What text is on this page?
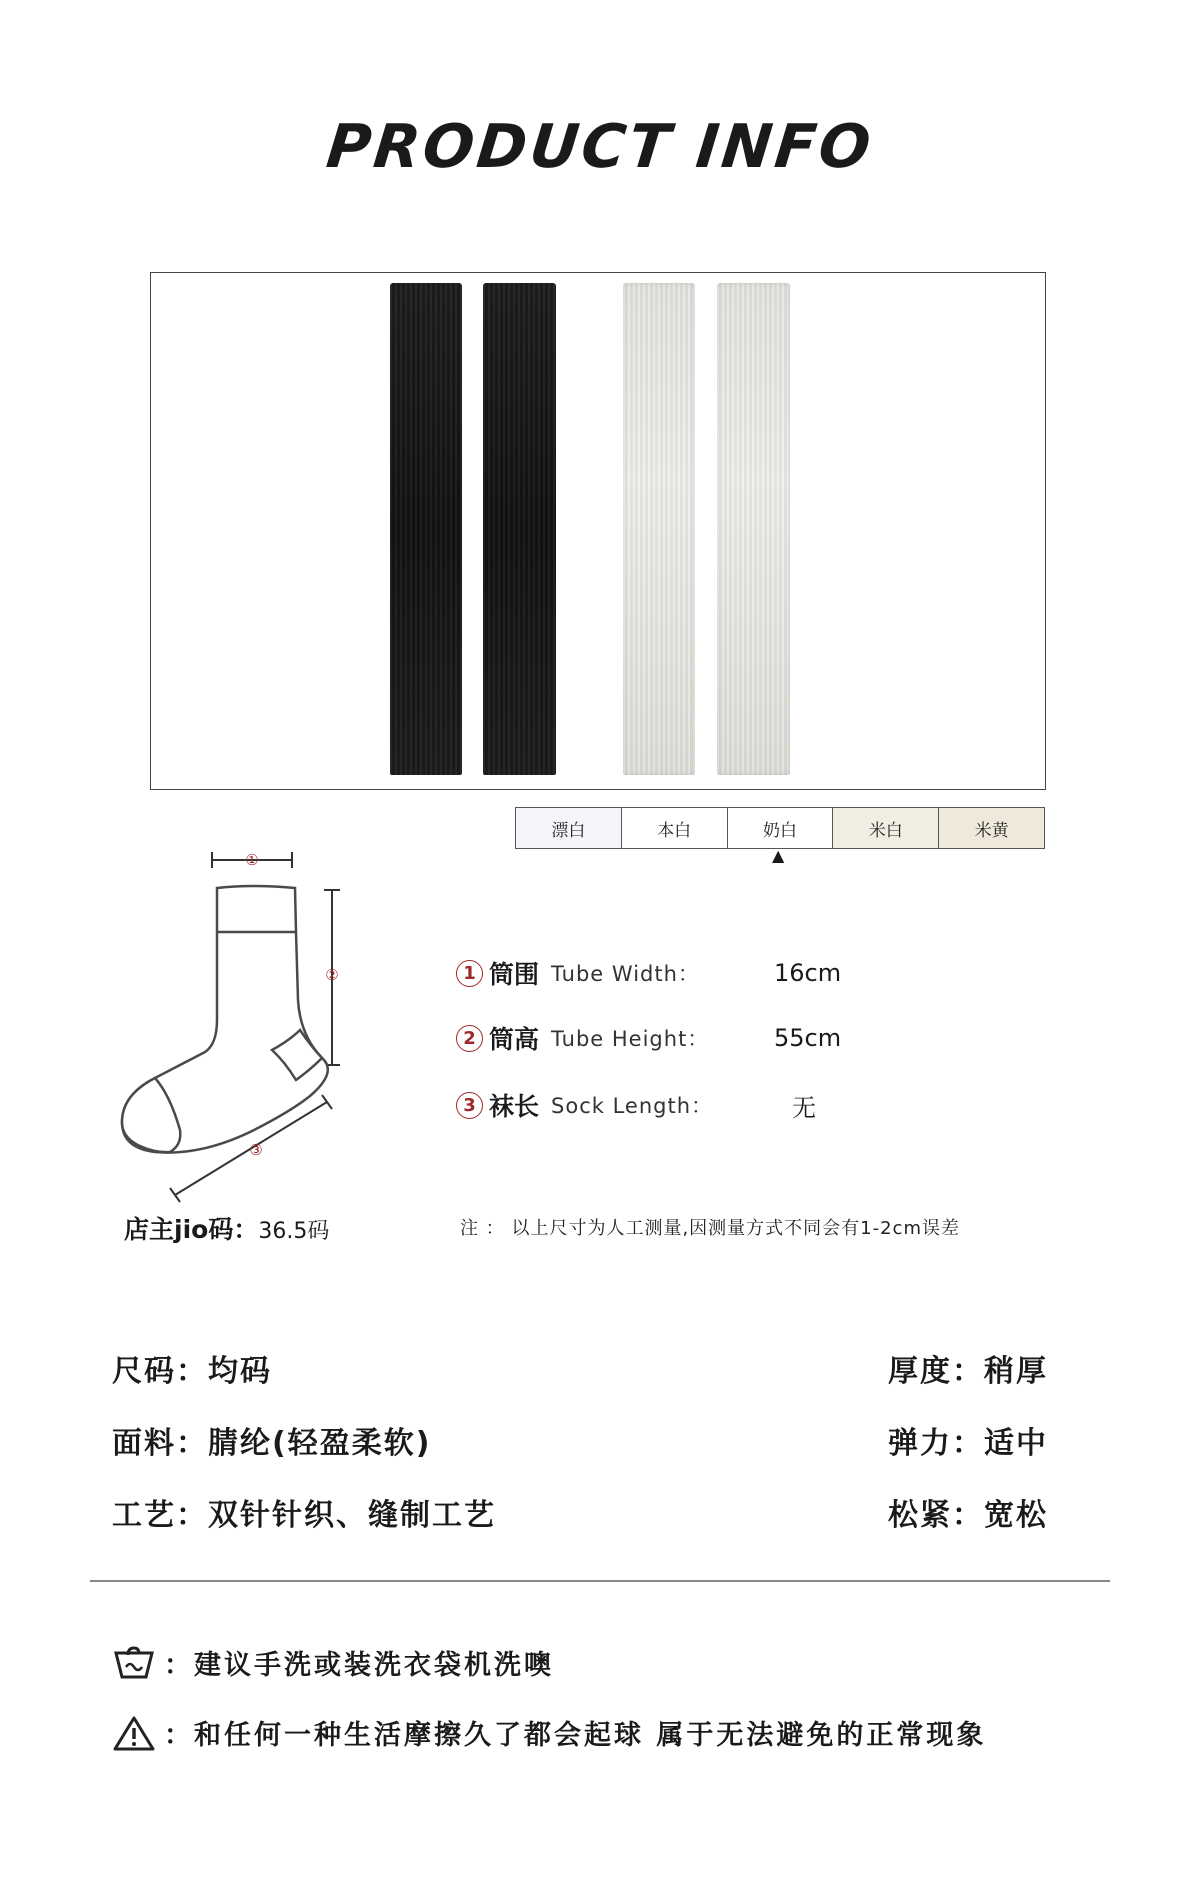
PRODUCT INFO
漂白	本白	奶白	米白	米黄
▲
①
②
③
1 筒围 Tube Width：	16cm
2 筒高 Tube Height：	55cm
3 袜长 Sock Length：	无
店主jio码：36.5码	注 ： 以上尺寸为人工测量,因测量方式不同会有1-2cm误差
尺码：均码
面料：腈纶(轻盈柔软)
工艺：双针针织、缝制工艺
厚度：稍厚
弹力：适中
松紧：宽松
：建议手洗或装洗衣袋机洗噢
：和任何一种生活摩擦久了都会起球 属于无法避免的正常现象
